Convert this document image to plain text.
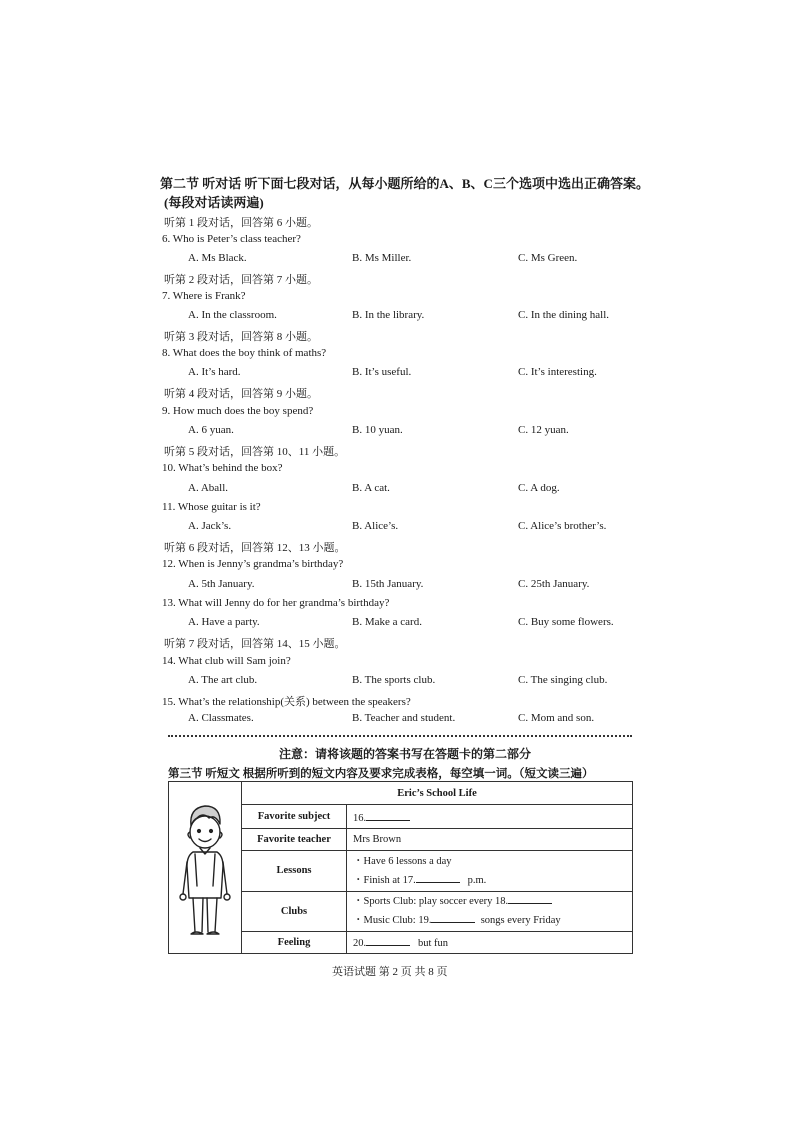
第二节 听对话 听下面七段对话，从每小题所给的A、B、C三个选项中选出正确答案。
(每段对话读两遍)
听第 1 段对话，回答第 6 小题。
6. Who is Peter’s class teacher?
A. Ms Black.	B. Ms Miller.	C. Ms Green.
听第 2 段对话，回答第 7 小题。
7. Where is Frank?
A. In the classroom.	B. In the library.	C. In the dining hall.
听第 3 段对话，回答第 8 小题。
8. What does the boy think of maths?
A. It’s hard.	B. It’s useful.	C. It’s interesting.
听第 4 段对话，回答第 9 小题。
9. How much does the boy spend?
A. 6 yuan.	B. 10 yuan.	C. 12 yuan.
听第 5 段对话，回答第 10、11 小题。
10. What’s behind the box?
A. Aball.	B. A cat.	C. A dog.
11. Whose guitar is it?
A. Jack’s.	B. Alice’s.	C. Alice’s brother’s.
听第 6 段对话，回答第 12、13 小题。
12. When is Jenny’s grandma’s birthday?
A. 5th January.	B. 15th January.	C. 25th January.
13. What will Jenny do for her grandma’s birthday?
A. Have a party.	B. Make a card.	C. Buy some flowers.
听第 7 段对话，回答第 14、15 小题。
14. What club will Sam join?
A. The art club.	B. The sports club.	C. The singing club.
15. What’s the relationship(关系) between the speakers?
A. Classmates.	B. Teacher and student.	C. Mom and son.
注意：请将该题的答案书写在答题卡的第二部分
第三节 听短文 根据所听到的短文内容及要求完成表格，每空填一词。（短文读三遍）
	Eric’s School Life	
	Favorite subject	16.
	Favorite teacher	Mrs Brown
	Lessons	・Have 6 lessons a day
・Finish at 17. p.m.

	Clubs	・Sports Club: play soccer every 18.
・Music Club: 19. songs every Friday

	Feeling	20. but fun
英语试题 第 2 页 共 8 页
